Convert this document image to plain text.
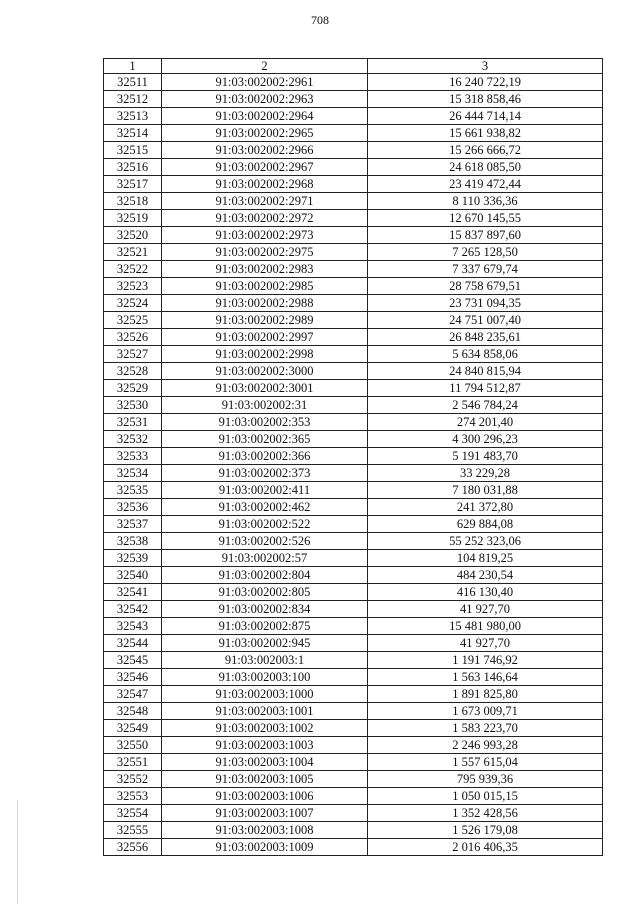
708
1	2	3
32511	91:03:002002:2961	16 240 722,19
32512	91:03:002002:2963	15 318 858,46
32513	91:03:002002:2964	26 444 714,14
32514	91:03:002002:2965	15 661 938,82
32515	91:03:002002:2966	15 266 666,72
32516	91:03:002002:2967	24 618 085,50
32517	91:03:002002:2968	23 419 472,44
32518	91:03:002002:2971	8 110 336,36
32519	91:03:002002:2972	12 670 145,55
32520	91:03:002002:2973	15 837 897,60
32521	91:03:002002:2975	7 265 128,50
32522	91:03:002002:2983	7 337 679,74
32523	91:03:002002:2985	28 758 679,51
32524	91:03:002002:2988	23 731 094,35
32525	91:03:002002:2989	24 751 007,40
32526	91:03:002002:2997	26 848 235,61
32527	91:03:002002:2998	5 634 858,06
32528	91:03:002002:3000	24 840 815,94
32529	91:03:002002:3001	11 794 512,87
32530	91:03:002002:31	2 546 784,24
32531	91:03:002002:353	274 201,40
32532	91:03:002002:365	4 300 296,23
32533	91:03:002002:366	5 191 483,70
32534	91:03:002002:373	33 229,28
32535	91:03:002002:411	7 180 031,88
32536	91:03:002002:462	241 372,80
32537	91:03:002002:522	629 884,08
32538	91:03:002002:526	55 252 323,06
32539	91:03:002002:57	104 819,25
32540	91:03:002002:804	484 230,54
32541	91:03:002002:805	416 130,40
32542	91:03:002002:834	41 927,70
32543	91:03:002002:875	15 481 980,00
32544	91:03:002002:945	41 927,70
32545	91:03:002003:1	1 191 746,92
32546	91:03:002003:100	1 563 146,64
32547	91:03:002003:1000	1 891 825,80
32548	91:03:002003:1001	1 673 009,71
32549	91:03:002003:1002	1 583 223,70
32550	91:03:002003:1003	2 246 993,28
32551	91:03:002003:1004	1 557 615,04
32552	91:03:002003:1005	795 939,36
32553	91:03:002003:1006	1 050 015,15
32554	91:03:002003:1007	1 352 428,56
32555	91:03:002003:1008	1 526 179,08
32556	91:03:002003:1009	2 016 406,35
